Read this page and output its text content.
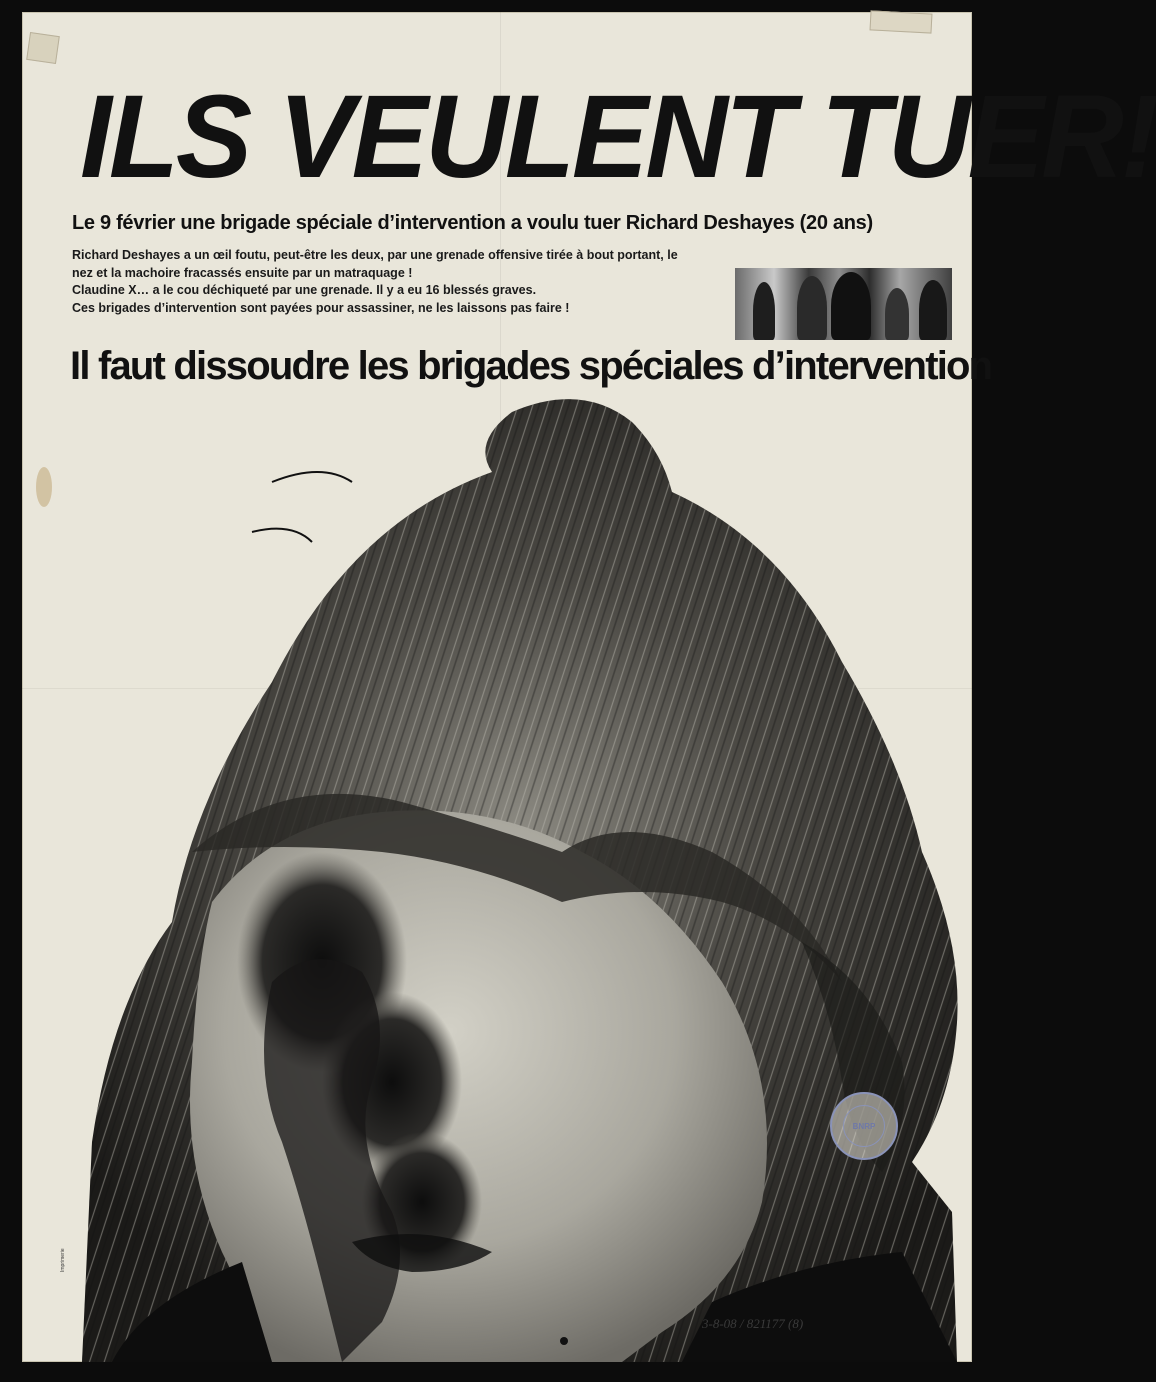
ILS VEULENT TUER!
Le 9 février une brigade spéciale d’intervention a voulu tuer Richard Deshayes (20 ans)

Richard Deshayes a un œil foutu, peut-être les deux, par une grenade offensive tirée à bout portant, le

nez et la machoire fracassés ensuite par un matraquage !

Claudine X… a le cou déchiqueté par une grenade. Il y a eu 16 blessés graves.

Ces brigades d’intervention sont payées pour assassiner, ne les laissons pas faire !

Il faut dissoudre les brigades spéciales d’intervention
Imprimerie
BNRP
3-8-08 / 821177 (8)
